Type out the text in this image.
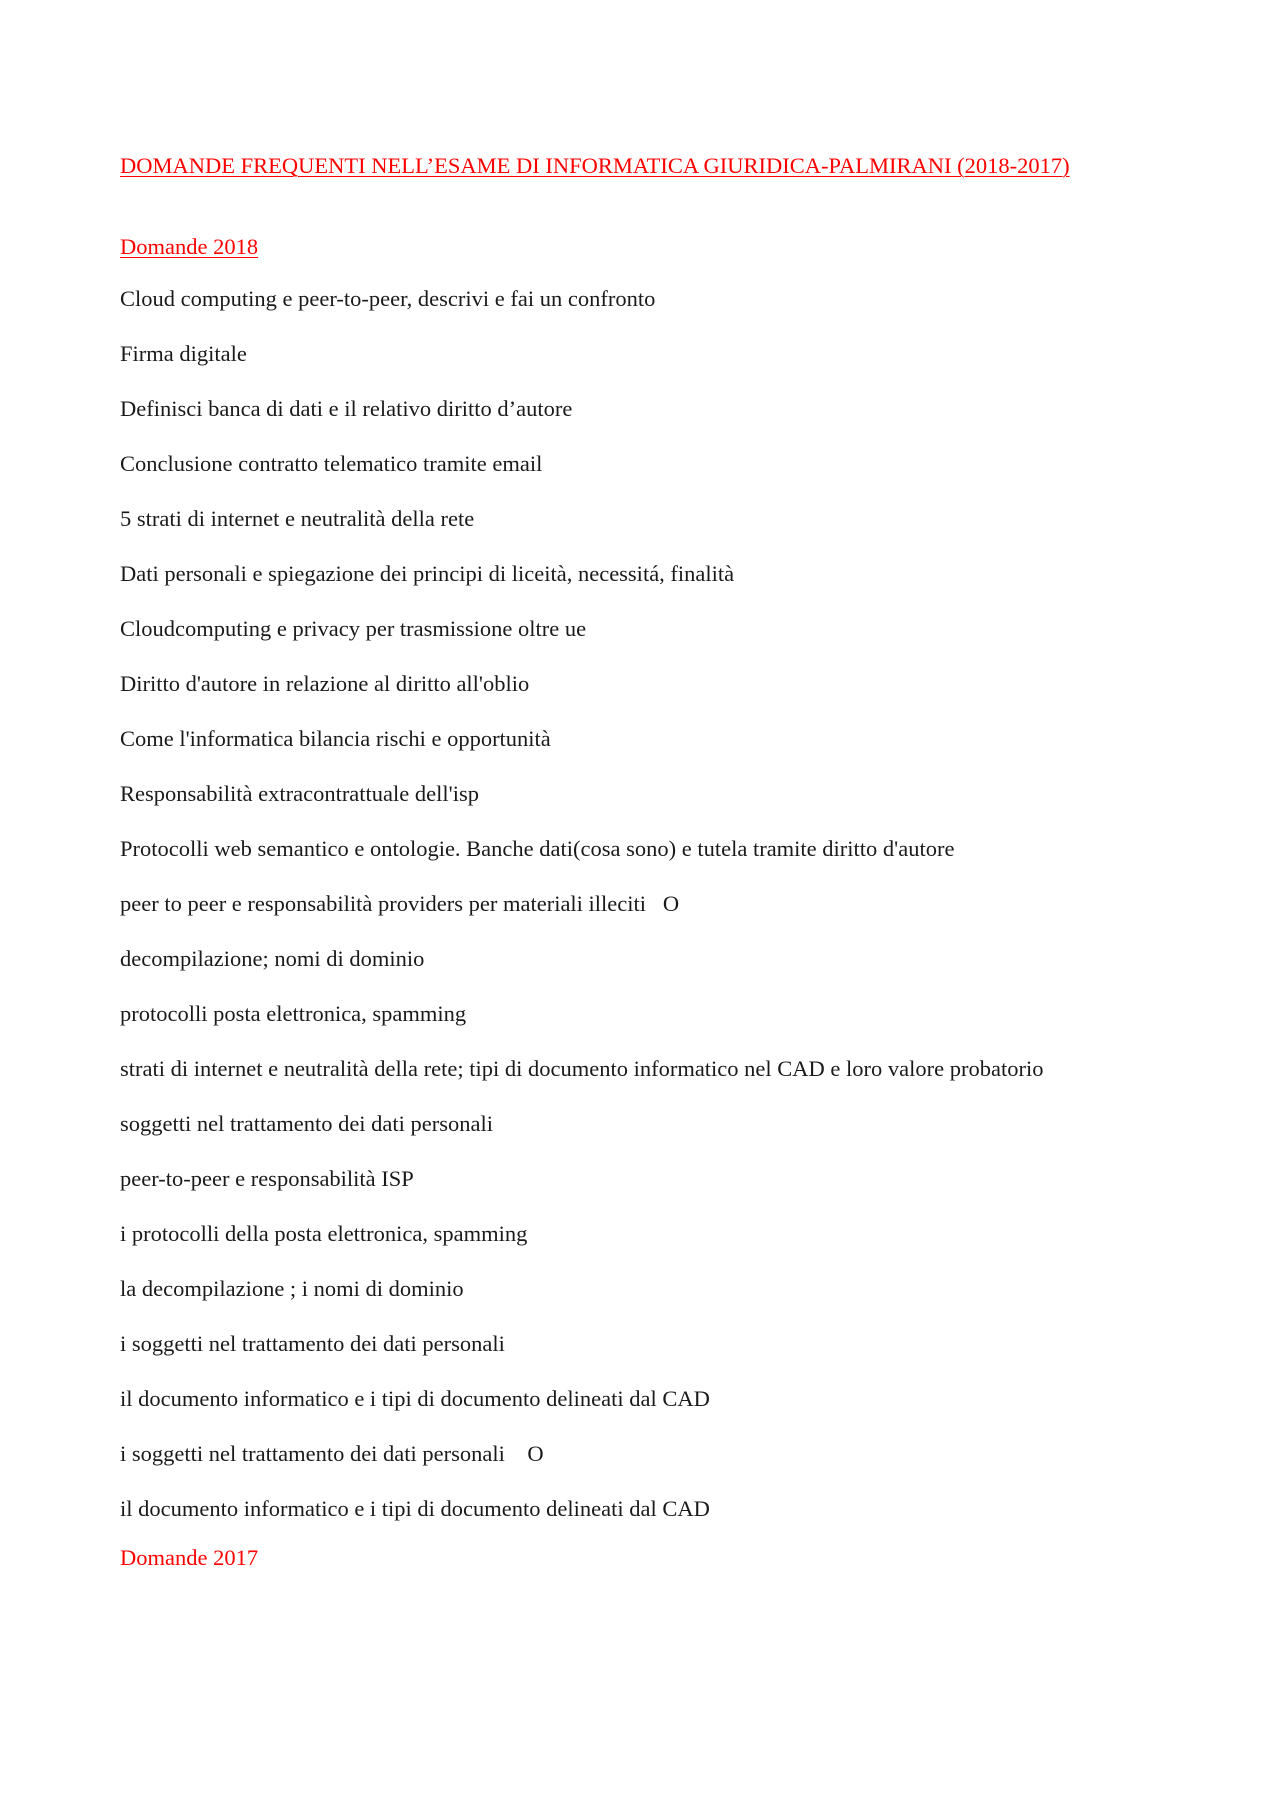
DOMANDE FREQUENTI NELL’ESAME DI INFORMATICA GIURIDICA-PALMIRANI (2018-2017)
Domande 2018
Cloud computing e peer-to-peer, descrivi e fai un confronto
Firma digitale
Definisci banca di dati e il relativo diritto d’autore
Conclusione contratto telematico tramite email
5 strati di internet e neutralità della rete
Dati personali e spiegazione dei principi di liceità, necessitá, finalità
Cloudcomputing e privacy per trasmissione oltre ue
Diritto d'autore in relazione al diritto all'oblio
Come l'informatica bilancia rischi e opportunità
Responsabilità extracontrattuale dell'isp
Protocolli web semantico e ontologie. Banche dati(cosa sono) e tutela tramite diritto d'autore
peer to peer e responsabilità providers per materiali illeciti   O
decompilazione; nomi di dominio
protocolli posta elettronica, spamming
strati di internet e neutralità della rete; tipi di documento informatico nel CAD e loro valore probatorio
soggetti nel trattamento dei dati personali
peer-to-peer e responsabilità ISP
i protocolli della posta elettronica, spamming
la decompilazione ; i nomi di dominio
i soggetti nel trattamento dei dati personali
il documento informatico e i tipi di documento delineati dal CAD
i soggetti nel trattamento dei dati personali    O
il documento informatico e i tipi di documento delineati dal CAD
Domande 2017
